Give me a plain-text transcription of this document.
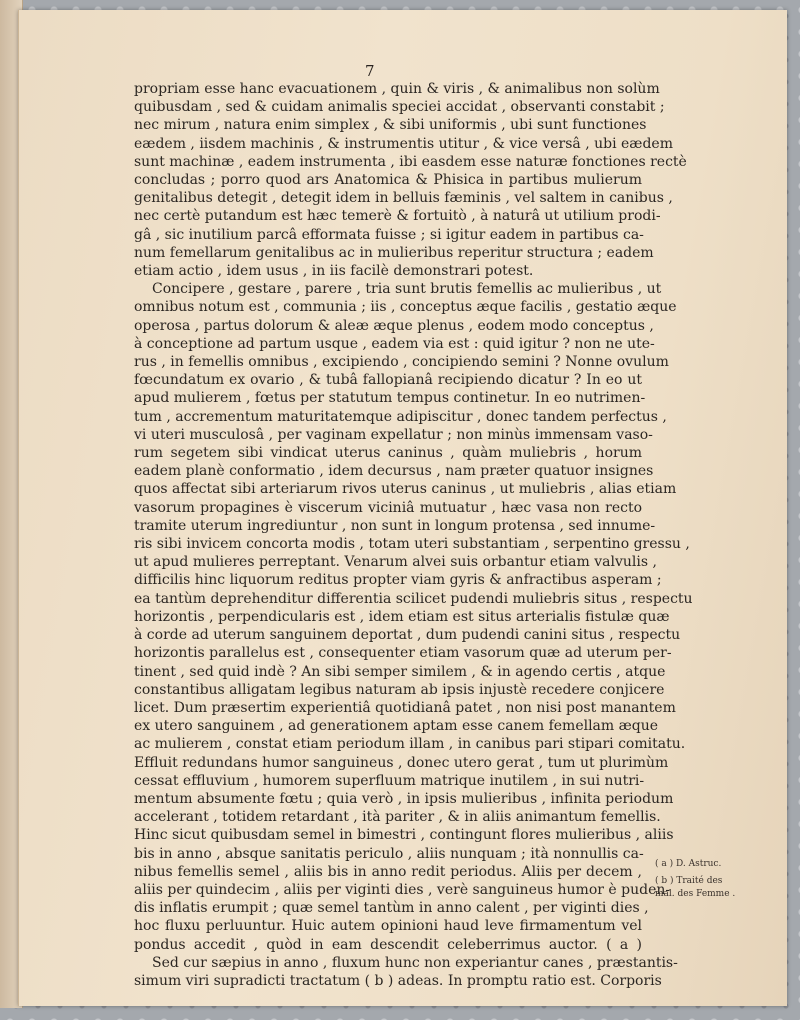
7
propriam esse hanc evacuationem , quin & viris , & animalibus non solùm
quibusdam , sed & cuidam animalis speciei accidat , observanti constabit ;
nec mirum , natura enim simplex , & sibi uniformis , ubi sunt functiones
eædem , iisdem machinis , & instrumentis utitur , & vice versâ , ubi eædem
sunt machinæ , eadem instrumenta , ibi easdem esse naturæ fonctiones rectè
concludas ; porro quod ars Anatomica & Phisica in partibus mulierum
genitalibus detegit , detegit idem in belluis fæminis , vel saltem in canibus ,
nec certè putandum est hæc temerè & fortuitò , à naturâ ut utilium prodi-
gâ , sic inutilium parcâ efformata fuisse ; si igitur eadem in partibus ca-
num femellarum genitalibus ac in mulieribus reperitur structura ; eadem
etiam actio , idem usus , in iis facilè demonstrari potest.
Concipere , gestare , parere , tria sunt brutis femellis ac mulieribus , ut
omnibus notum est , communia ; iis , conceptus æque facilis , gestatio æque
operosa , partus dolorum & aleæ æque plenus , eodem modo conceptus ,
à conceptione ad partum usque , eadem via est : quid igitur ? non ne ute-
rus , in femellis omnibus , excipiendo , concipiendo semini ? Nonne ovulum
fœcundatum ex ovario , & tubâ fallopianâ recipiendo dicatur ? In eo ut
apud mulierem , fœtus per statutum tempus continetur. In eo nutrimen-
tum , accrementum maturitatemque adipiscitur , donec tandem perfectus ,
vi uteri musculosâ , per vaginam expellatur ; non minùs immensam vaso-
rum segetem sibi vindicat uterus caninus , quàm muliebris , horum
eadem planè conformatio , idem decursus , nam præter quatuor insignes
quos affectat sibi arteriarum rivos uterus caninus , ut muliebris , alias etiam
vasorum propagines è viscerum viciniâ mutuatur , hæc vasa non recto
tramite uterum ingrediuntur , non sunt in longum protensa , sed innume-
ris sibi invicem concorta modis , totam uteri substantiam , serpentino gressu ,
ut apud mulieres perreptant. Venarum alvei suis orbantur etiam valvulis ,
difficilis hinc liquorum reditus propter viam gyris & anfractibus asperam ;
ea tantùm deprehenditur differentia scilicet pudendi muliebris situs , respectu
horizontis , perpendicularis est , idem etiam est situs arterialis fistulæ quæ
à corde ad uterum sanguinem deportat , dum pudendi canini situs , respectu
horizontis parallelus est , consequenter etiam vasorum quæ ad uterum per-
tinent , sed quid indè ? An sibi semper similem , & in agendo certis , atque
constantibus alligatam legibus naturam ab ipsis injustè recedere conjicere
licet. Dum præsertim experientiâ quotidianâ patet , non nisi post manantem
ex utero sanguinem , ad generationem aptam esse canem femellam æque
ac mulierem , constat etiam periodum illam , in canibus pari stipari comitatu.
Effluit redundans humor sanguineus , donec utero gerat , tum ut plurimùm
cessat effluvium , humorem superfluum matrique inutilem , in sui nutri-
mentum absumente fœtu ; quia verò , in ipsis mulieribus , infinita periodum
accelerant , totidem retardant , ità pariter , & in aliis animantum femellis.
Hinc sicut quibusdam semel in bimestri , contingunt flores mulieribus , aliis
bis in anno , absque sanitatis periculo , aliis nunquam ; ità nonnullis ca-
nibus femellis semel , aliis bis in anno redit periodus. Aliis per decem ,
aliis per quindecim , aliis per viginti dies , verè sanguineus humor è puden-
dis inflatis erumpit ; quæ semel tantùm in anno calent , per viginti dies ,
hoc fluxu perluuntur. Huic autem opinioni haud leve firmamentum vel
pondus accedit , quòd in eam descendit celeberrimus auctor. ( a )
Sed cur sæpius in anno , fluxum hunc non experiantur canes , præstantis-
simum viri supradicti tractatum ( b ) adeas. In promptu ratio est. Corporis
( a ) D. Astruc.
( b ) Traité des
mal. des Femme .
